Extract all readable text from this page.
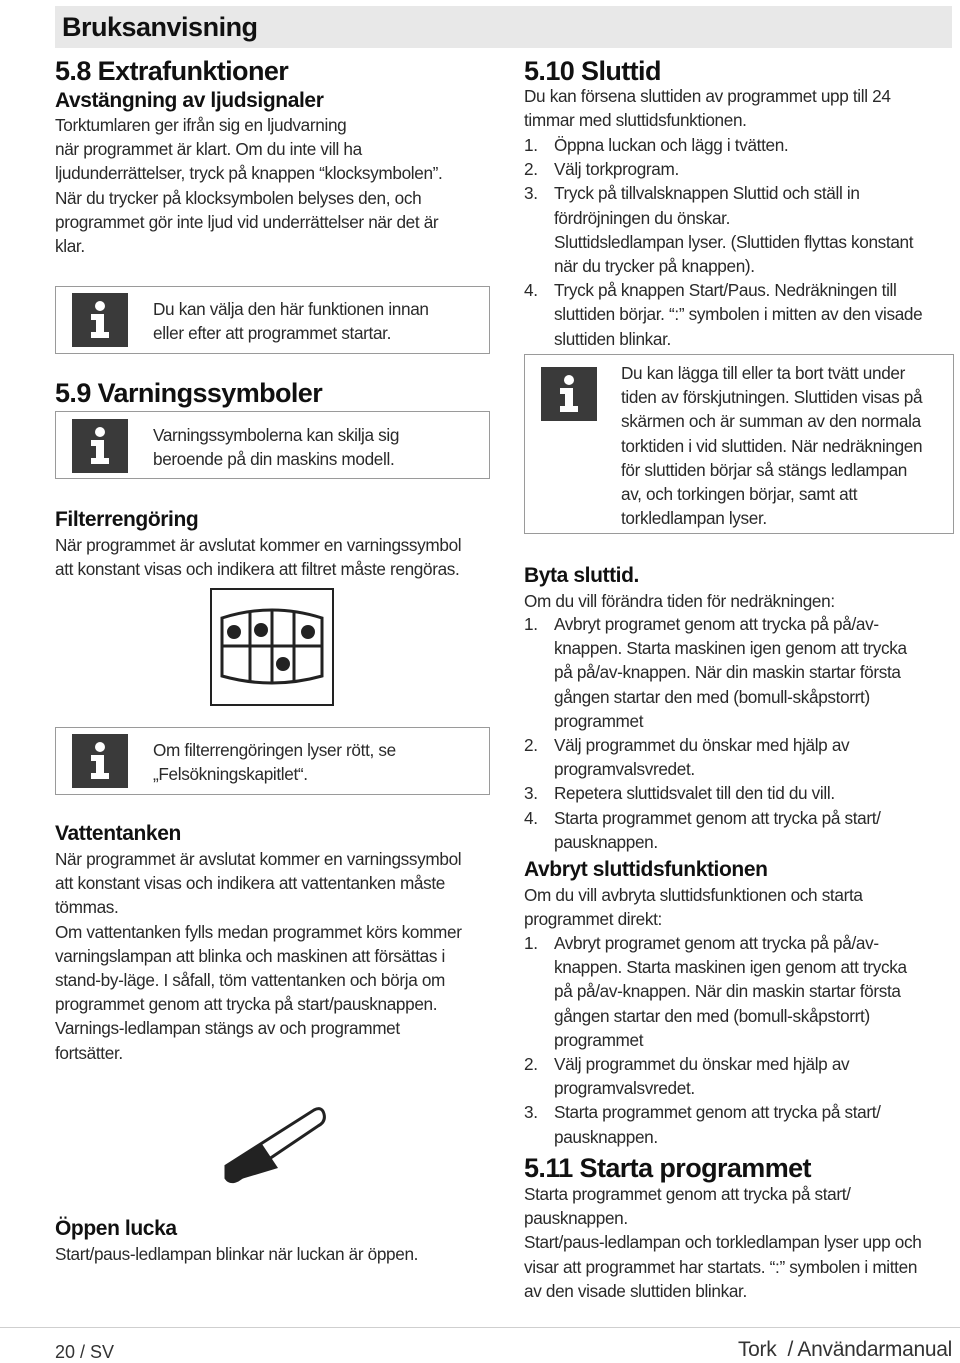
Bruksanvisning
5.8 Extrafunktioner
Avstängning av ljudsignaler
Torktumlaren ger ifrån sig en ljudvarning
när programmet är klart. Om du inte vill ha
ljudunderrättelser, tryck på knappen “klocksymbolen”.
När du trycker på klocksymbolen belyses den, och
programmet gör inte ljud vid underrättelser när det är
klar.
Du kan välja den här funktionen innan
eller efter att programmet startar.
5.9 Varningssymboler
Varningssymbolerna kan skilja sig
beroende på din maskins modell.
Filterrengöring
När programmet är avslutat kommer en varningssymbol
att konstant visas och indikera att filtret måste rengöras.
Om filterrengöringen lyser rött, se
„Felsökningskapitlet“.
Vattentanken
När programmet är avslutat kommer en varningssymbol
att konstant visas och indikera att vattentanken måste
tömmas.
Om vattentanken fylls medan programmet körs kommer
varningslampan att blinka och maskinen att försättas i
stand-by-läge. I såfall, töm vattentanken och börja om
programmet genom att trycka på start/pausknappen.
Varnings-ledlampan stängs av och programmet
fortsätter.
Öppen lucka
Start/paus-ledlampan blinkar när luckan är öppen.
5.10 Sluttid
Du kan försena sluttiden av programmet upp till 24
timmar med sluttidsfunktionen.
1. Öppna luckan och lägg i tvätten.
2. Välj torkprogram.
3. Tryck på tillvalsknappen Sluttid och ställ in
fördröjningen du önskar.
Sluttidsledlampan lyser. (Sluttiden flyttas konstant
när du trycker på knappen).
4. Tryck på knappen Start/Paus. Nedräkningen till
sluttiden börjar. “:” symbolen i mitten av den visade
sluttiden blinkar.
Du kan lägga till eller ta bort tvätt under
tiden av förskjutningen. Sluttiden visas på
skärmen och är summan av den normala
torktiden i vid sluttiden. När nedräkningen
för sluttiden börjar så stängs ledlampan
av, och torkingen börjar, samt att
torkledlampan lyser.
Byta sluttid.
Om du vill förändra tiden för nedräkningen:
1. Avbryt programet genom att trycka på på/av-
knappen. Starta maskinen igen genom att trycka
på på/av-knappen. När din maskin startar första
gången startar den med (bomull-skåpstorrt)
programmet
2. Välj programmet du önskar med hjälp av
programvalsvredet.
3. Repetera sluttidsvalet till den tid du vill.
4. Starta programmet genom att trycka på start/
pausknappen.
Avbryt sluttidsfunktionen
Om du vill avbryta sluttidsfunktionen och starta
programmet direkt:
1. Avbryt programet genom att trycka på på/av-
knappen. Starta maskinen igen genom att trycka
på på/av-knappen. När din maskin startar första
gången startar den med (bomull-skåpstorrt)
programmet
2. Välj programmet du önskar med hjälp av
programvalsvredet.
3. Starta programmet genom att trycka på start/
pausknappen.
5.11 Starta programmet
Starta programmet genom att trycka på start/
pausknappen.
Start/paus-ledlampan och torkledlampan lyser upp och
visar att programmet har startats. “:” symbolen i mitten
av den visade sluttiden blinkar.
20 / SV	Tork  / Användarmanual
